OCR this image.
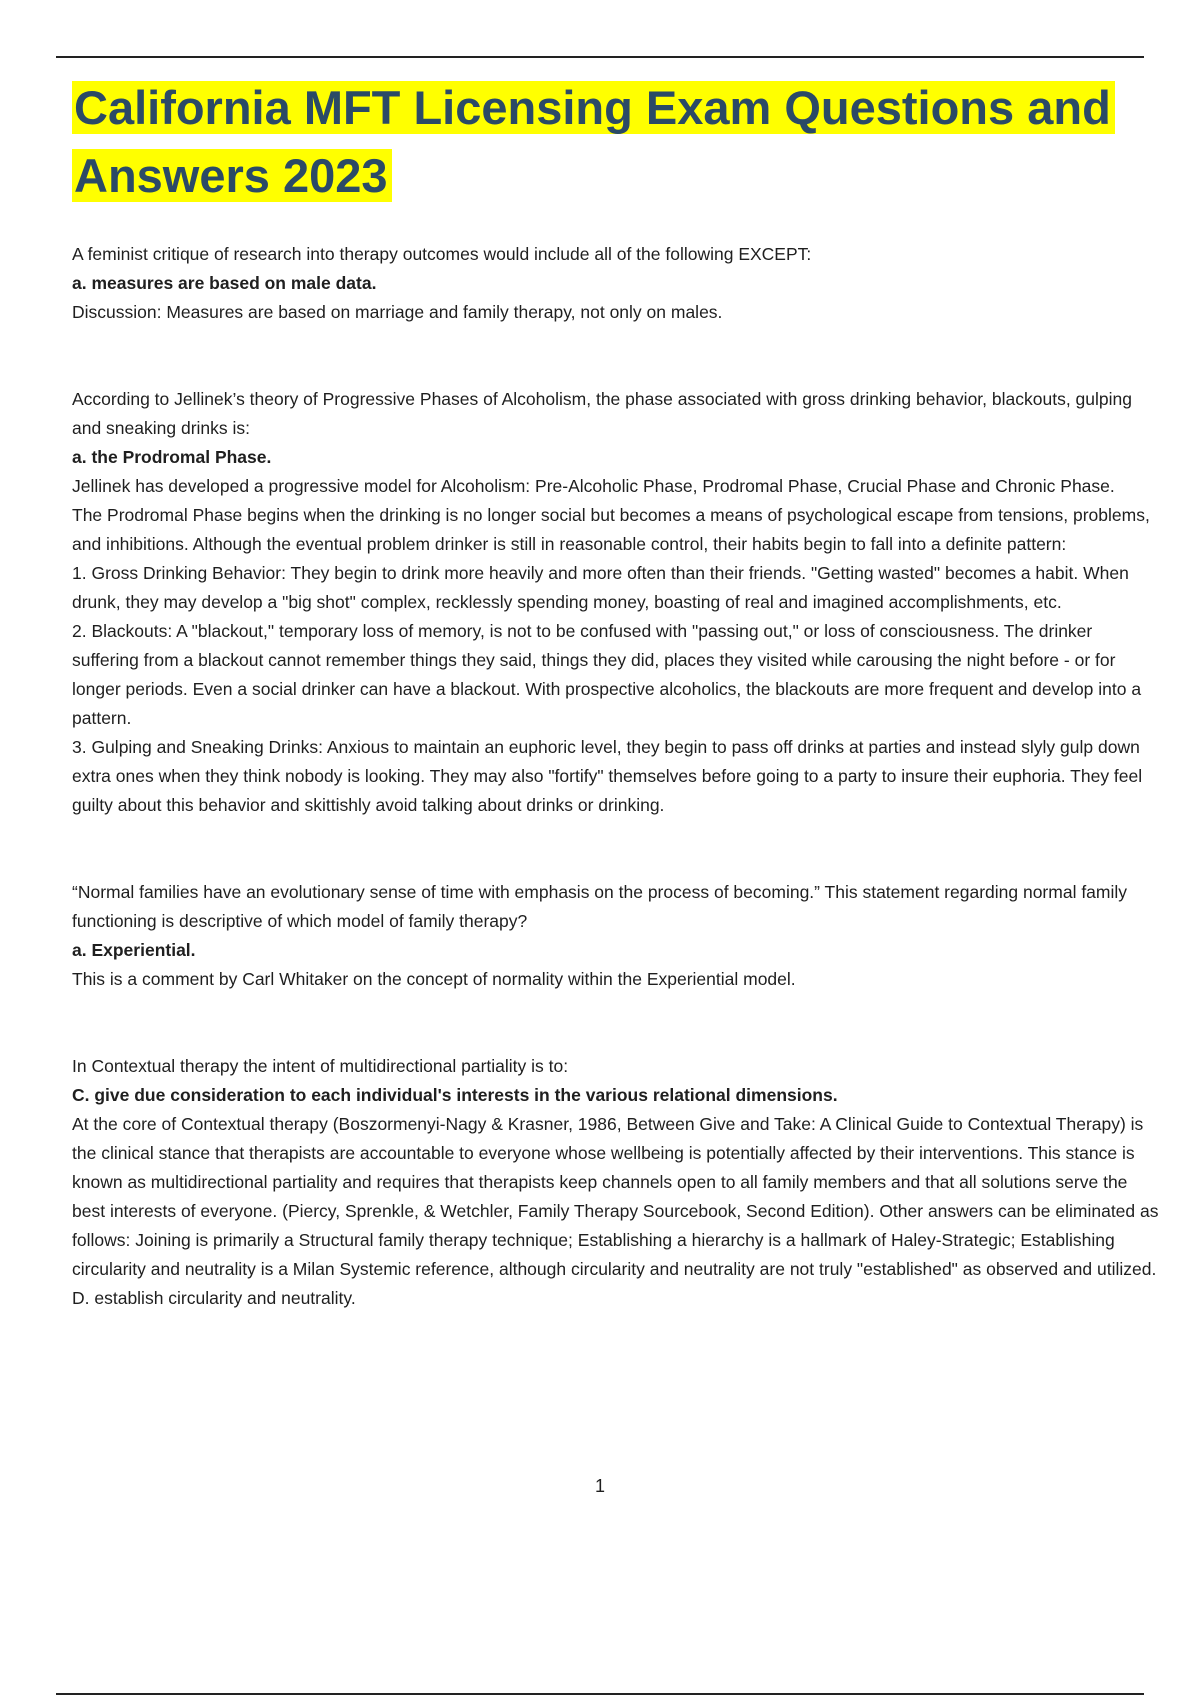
California MFT Licensing Exam Questions and Answers 2023

A feminist critique of research into therapy outcomes would include all of the following EXCEPT:

a. measures are based on male data.

Discussion: Measures are based on marriage and family therapy, not only on males.

According to Jellinek’s theory of Progressive Phases of Alcoholism, the phase associated with gross drinking behavior, blackouts, gulping and sneaking drinks is:

a. the Prodromal Phase.

Jellinek has developed a progressive model for Alcoholism: Pre-Alcoholic Phase, Prodromal Phase, Crucial Phase and Chronic Phase.

The Prodromal Phase begins when the drinking is no longer social but becomes a means of psychological escape from tensions, problems, and inhibitions. Although the eventual problem drinker is still in reasonable control, their habits begin to fall into a definite pattern:

1. Gross Drinking Behavior: They begin to drink more heavily and more often than their friends. "Getting wasted" becomes a habit. When drunk, they may develop a "big shot" complex, recklessly spending money, boasting of real and imagined accomplishments, etc.

2. Blackouts: A "blackout," temporary loss of memory, is not to be confused with "passing out," or loss of consciousness. The drinker suffering from a blackout cannot remember things they said, things they did, places they visited while carousing the night before - or for longer periods. Even a social drinker can have a blackout. With prospective alcoholics, the blackouts are more frequent and develop into a pattern.

3. Gulping and Sneaking Drinks: Anxious to maintain an euphoric level, they begin to pass off drinks at parties and instead slyly gulp down extra ones when they think nobody is looking. They may also "fortify" themselves before going to a party to insure their euphoria. They feel guilty about this behavior and skittishly avoid talking about drinks or drinking.

“Normal families have an evolutionary sense of time with emphasis on the process of becoming.” This statement regarding normal family functioning is descriptive of which model of family therapy?

a. Experiential.

This is a comment by Carl Whitaker on the concept of normality within the Experiential model.

In Contextual therapy the intent of multidirectional partiality is to:

C. give due consideration to each individual's interests in the various relational dimensions.

At the core of Contextual therapy (Boszormenyi-Nagy & Krasner, 1986, Between Give and Take: A Clinical Guide to Contextual Therapy) is the clinical stance that therapists are accountable to everyone whose wellbeing is potentially affected by their interventions. This stance is known as multidirectional partiality and requires that therapists keep channels open to all family members and that all solutions serve the best interests of everyone. (Piercy, Sprenkle, & Wetchler, Family Therapy Sourcebook, Second Edition). Other answers can be eliminated as follows: Joining is primarily a Structural family therapy technique; Establishing a hierarchy is a hallmark of Haley-Strategic; Establishing circularity and neutrality is a Milan Systemic reference, although circularity and neutrality are not truly "established" as observed and utilized.

D. establish circularity and neutrality.

1
